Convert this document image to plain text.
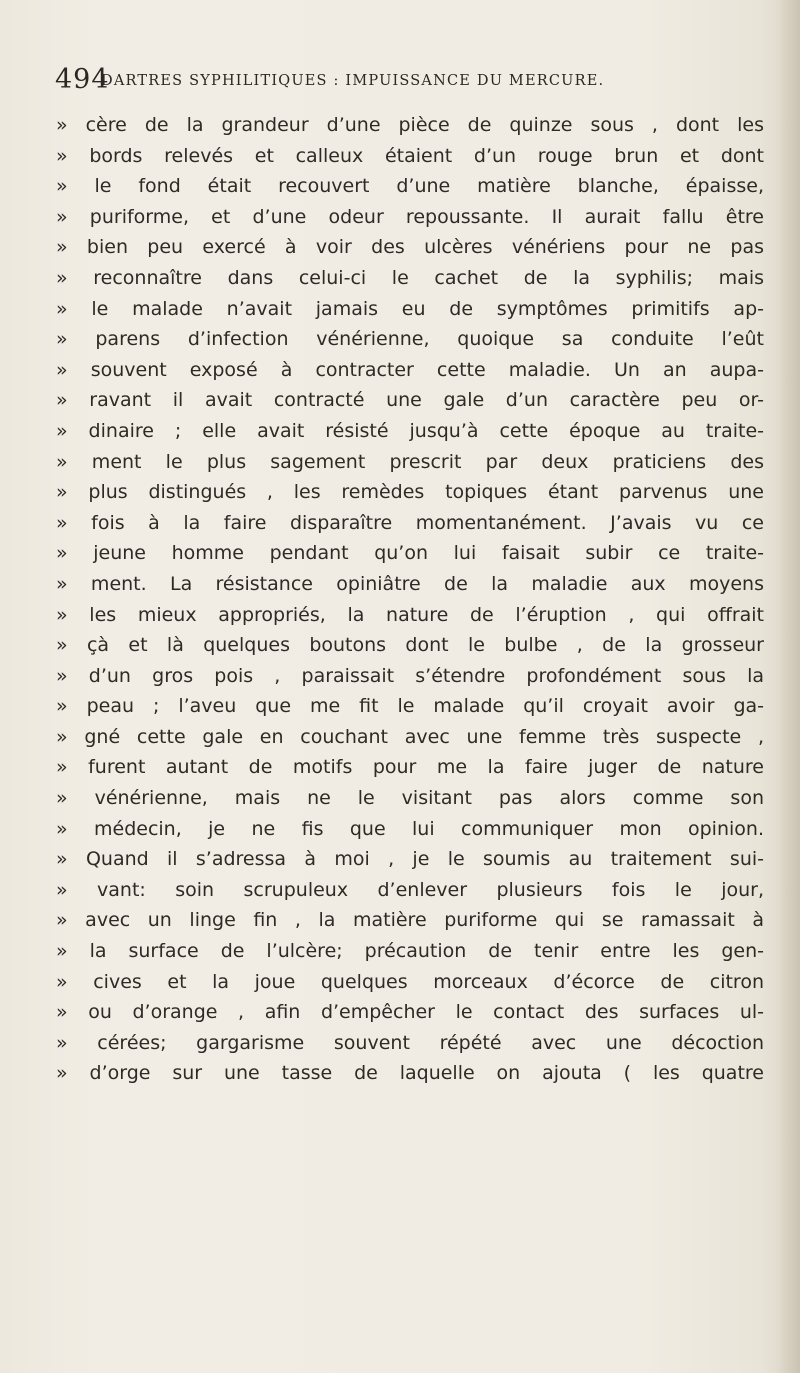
494
DARTRES SYPHILITIQUES : IMPUISSANCE DU MERCURE.
» cère de la grandeur d’une pièce de quinze sous , dont les
» bords relevés et calleux étaient d’un rouge brun et dont
» le fond était recouvert d’une matière blanche, épaisse,
» puriforme, et d’une odeur repoussante. Il aurait fallu être
» bien peu exercé à voir des ulcères vénériens pour ne pas
» reconnaître dans celui-ci le cachet de la syphilis; mais
» le malade n’avait jamais eu de symptômes primitifs ap-
» parens d’infection vénérienne, quoique sa conduite l’eût
» souvent exposé à contracter cette maladie. Un an aupa-
» ravant il avait contracté une gale d’un caractère peu or-
» dinaire ; elle avait résisté jusqu’à cette époque au traite-
» ment le plus sagement prescrit par deux praticiens des
» plus distingués , les remèdes topiques étant parvenus une
» fois à la faire disparaître momentanément. J’avais vu ce
» jeune homme pendant qu’on lui faisait subir ce traite-
» ment. La résistance opiniâtre de la maladie aux moyens
» les mieux appropriés, la nature de l’éruption , qui offrait
» çà et là quelques boutons dont le bulbe , de la grosseur
» d’un gros pois , paraissait s’étendre profondément sous la
» peau ; l’aveu que me fit le malade qu’il croyait avoir ga-
» gné cette gale en couchant avec une femme très suspecte ,
» furent autant de motifs pour me la faire juger de nature
» vénérienne, mais ne le visitant pas alors comme son
» médecin, je ne fis que lui communiquer mon opinion.
» Quand il s’adressa à moi , je le soumis au traitement sui-
» vant: soin scrupuleux d’enlever plusieurs fois le jour,
» avec un linge fin , la matière puriforme qui se ramassait à
» la surface de l’ulcère; précaution de tenir entre les gen-
» cives et la joue quelques morceaux d’écorce de citron
» ou d’orange , afin d’empêcher le contact des surfaces ul-
» cérées; gargarisme souvent répété avec une décoction
» d’orge sur une tasse de laquelle on ajouta ( les quatre
